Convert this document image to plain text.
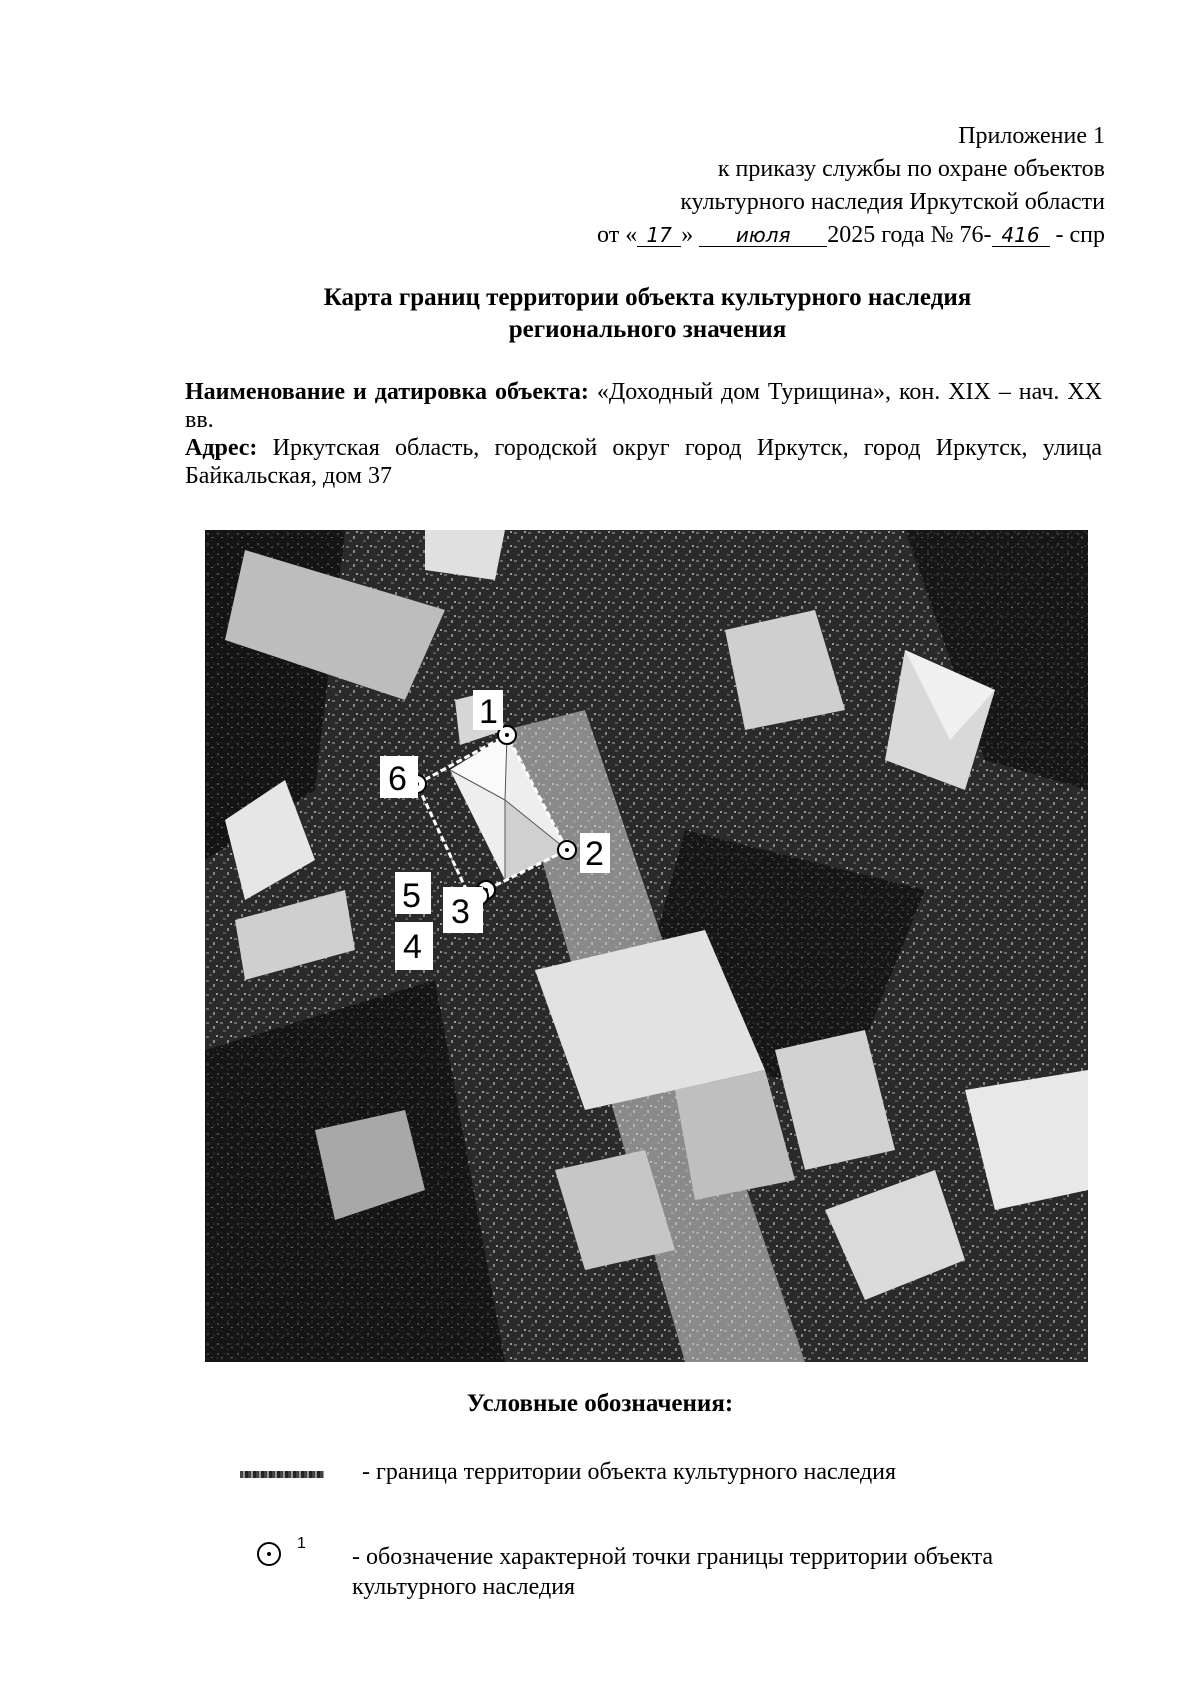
Приложение 1
к приказу службы по охране объектов
культурного наследия Иркутской области
от « 17 » июля 2025 года № 76- 416 - спр
Карта границ территории объекта культурного наследия
регионального значения

Наименование и датировка объекта: «Доходный дом Турищина», кон. XIX – нач. XX вв.

Адрес: Иркутская область, городской округ город Иркутск, город Иркутск, улица Байкальская, дом 37

1
2
3
4
5
6
Условные обозначения:
- граница территории объекта культурного наследия
1
- обозначение характерной точки границы территории объекта культурного наследия
